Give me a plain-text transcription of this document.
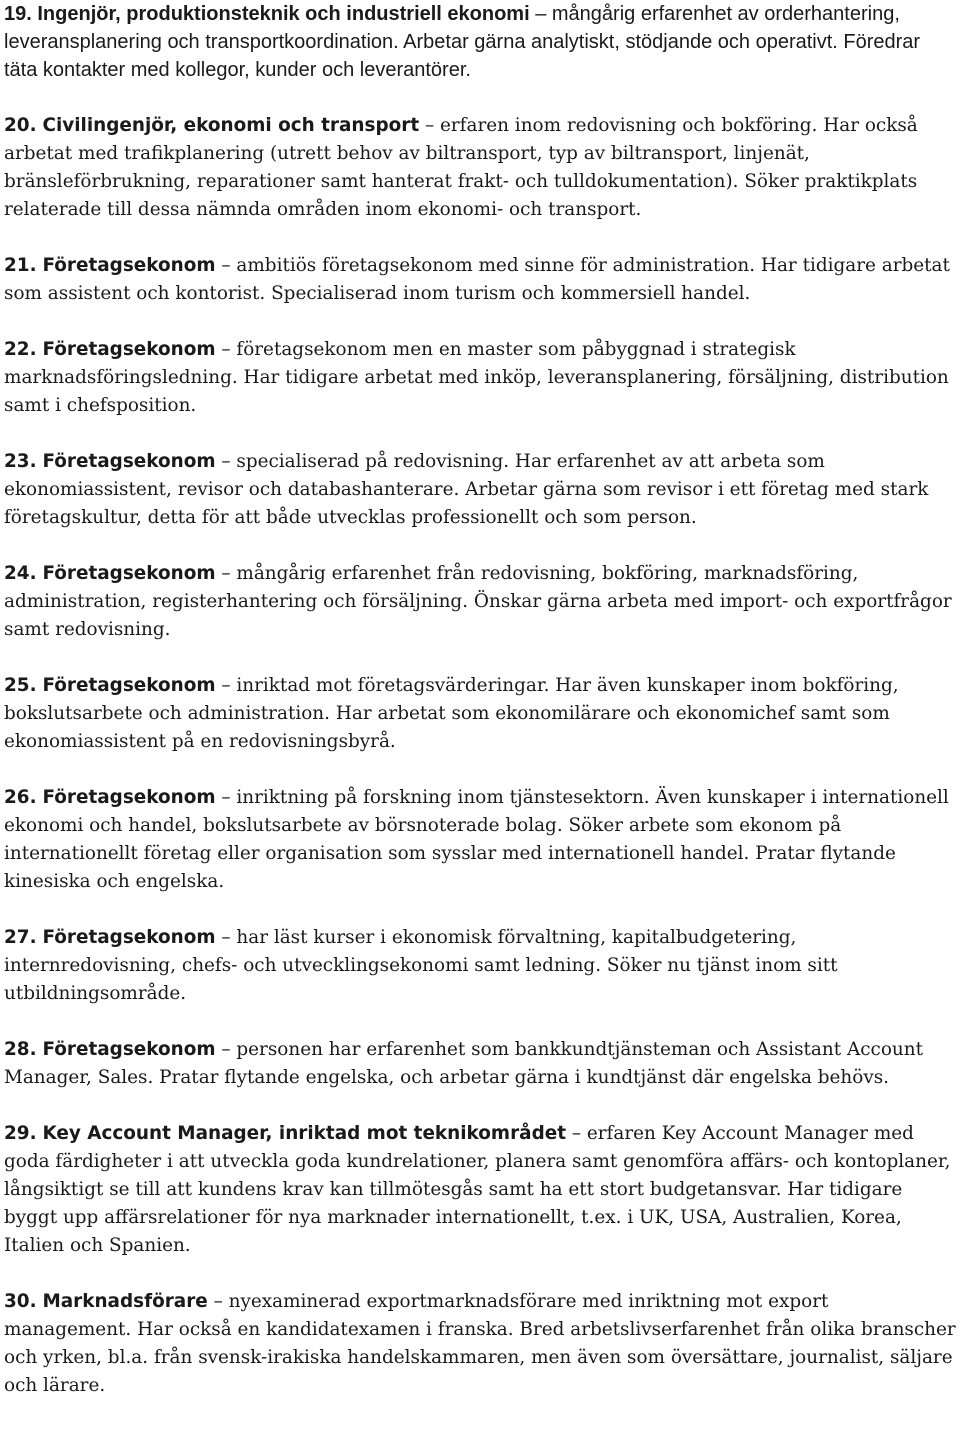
19. Ingenjör, produktionsteknik och industriell ekonomi – mångårig erfarenhet av orderhantering, leveransplanering och transportkoordination. Arbetar gärna analytiskt, stödjande och operativt. Föredrar täta kontakter med kollegor, kunder och leverantörer.

20. Civilingenjör, ekonomi och transport – erfaren inom redovisning och bokföring. Har också arbetat med trafikplanering (utrett behov av biltransport, typ av biltransport, linjenät, bränsleförbrukning, reparationer samt hanterat frakt- och tulldokumentation). Söker praktikplats relaterade till dessa nämnda områden inom ekonomi- och transport.

21. Företagsekonom – ambitiös företagsekonom med sinne för administration. Har tidigare arbetat som assistent och kontorist. Specialiserad inom turism och kommersiell handel.

22. Företagsekonom – företagsekonom men en master som påbyggnad i strategisk marknadsföringsledning. Har tidigare arbetat med inköp, leveransplanering, försäljning, distribution samt i chefsposition.

23. Företagsekonom – specialiserad på redovisning. Har erfarenhet av att arbeta som ekonomiassistent, revisor och databashanterare. Arbetar gärna som revisor i ett företag med stark företagskultur, detta för att både utvecklas professionellt och som person.

24. Företagsekonom – mångårig erfarenhet från redovisning, bokföring, marknadsföring, administration, registerhantering och försäljning. Önskar gärna arbeta med import- och exportfrågor samt redovisning.

25. Företagsekonom – inriktad mot företagsvärderingar. Har även kunskaper inom bokföring, bokslutsarbete och administration. Har arbetat som ekonomilärare och ekonomichef samt som ekonomiassistent på en redovisningsbyrå.

26. Företagsekonom – inriktning på forskning inom tjänstesektorn. Även kunskaper i internationell ekonomi och handel, bokslutsarbete av börsnoterade bolag. Söker arbete som ekonom på internationellt företag eller organisation som sysslar med internationell handel. Pratar flytande kinesiska och engelska.

27. Företagsekonom – har läst kurser i ekonomisk förvaltning, kapitalbudgetering, internredovisning, chefs- och utvecklingsekonomi samt ledning. Söker nu tjänst inom sitt utbildningsområde.

28. Företagsekonom – personen har erfarenhet som bankkundtjänsteman och Assistant Account Manager, Sales. Pratar flytande engelska, och arbetar gärna i kundtjänst där engelska behövs.

29. Key Account Manager, inriktad mot teknikområdet – erfaren Key Account Manager med goda färdigheter i att utveckla goda kundrelationer, planera samt genomföra affärs- och kontoplaner, långsiktigt se till att kundens krav kan tillmötesgås samt ha ett stort budgetansvar. Har tidigare byggt upp affärsrelationer för nya marknader internationellt, t.ex. i UK, USA, Australien, Korea, Italien och Spanien.

30. Marknadsförare – nyexaminerad exportmarknadsförare med inriktning mot export management. Har också en kandidatexamen i franska. Bred arbetslivserfarenhet från olika branscher och yrken, bl.a. från svensk-irakiska handelskammaren, men även som översättare, journalist, säljare och lärare.
